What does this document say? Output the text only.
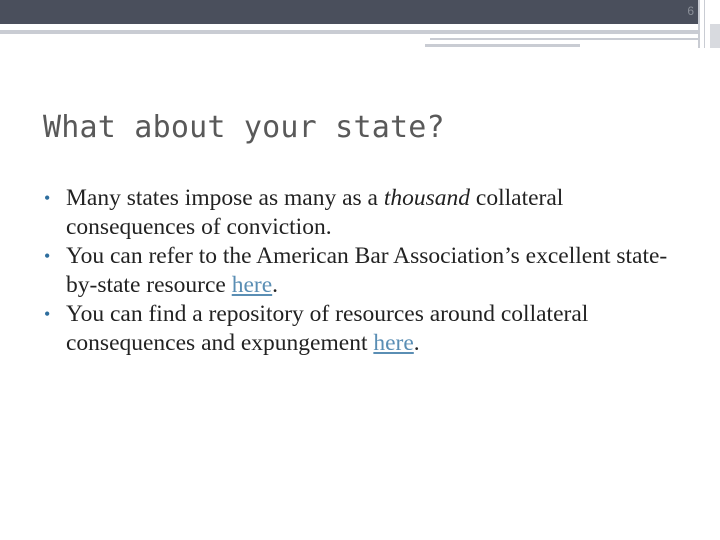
6
What about your state?
• Many states impose as many as a thousand collateral consequences of conviction.
• You can refer to the American Bar Association’s excellent state-by-state resource here.
• You can find a repository of resources around collateral consequences and expungement here.
